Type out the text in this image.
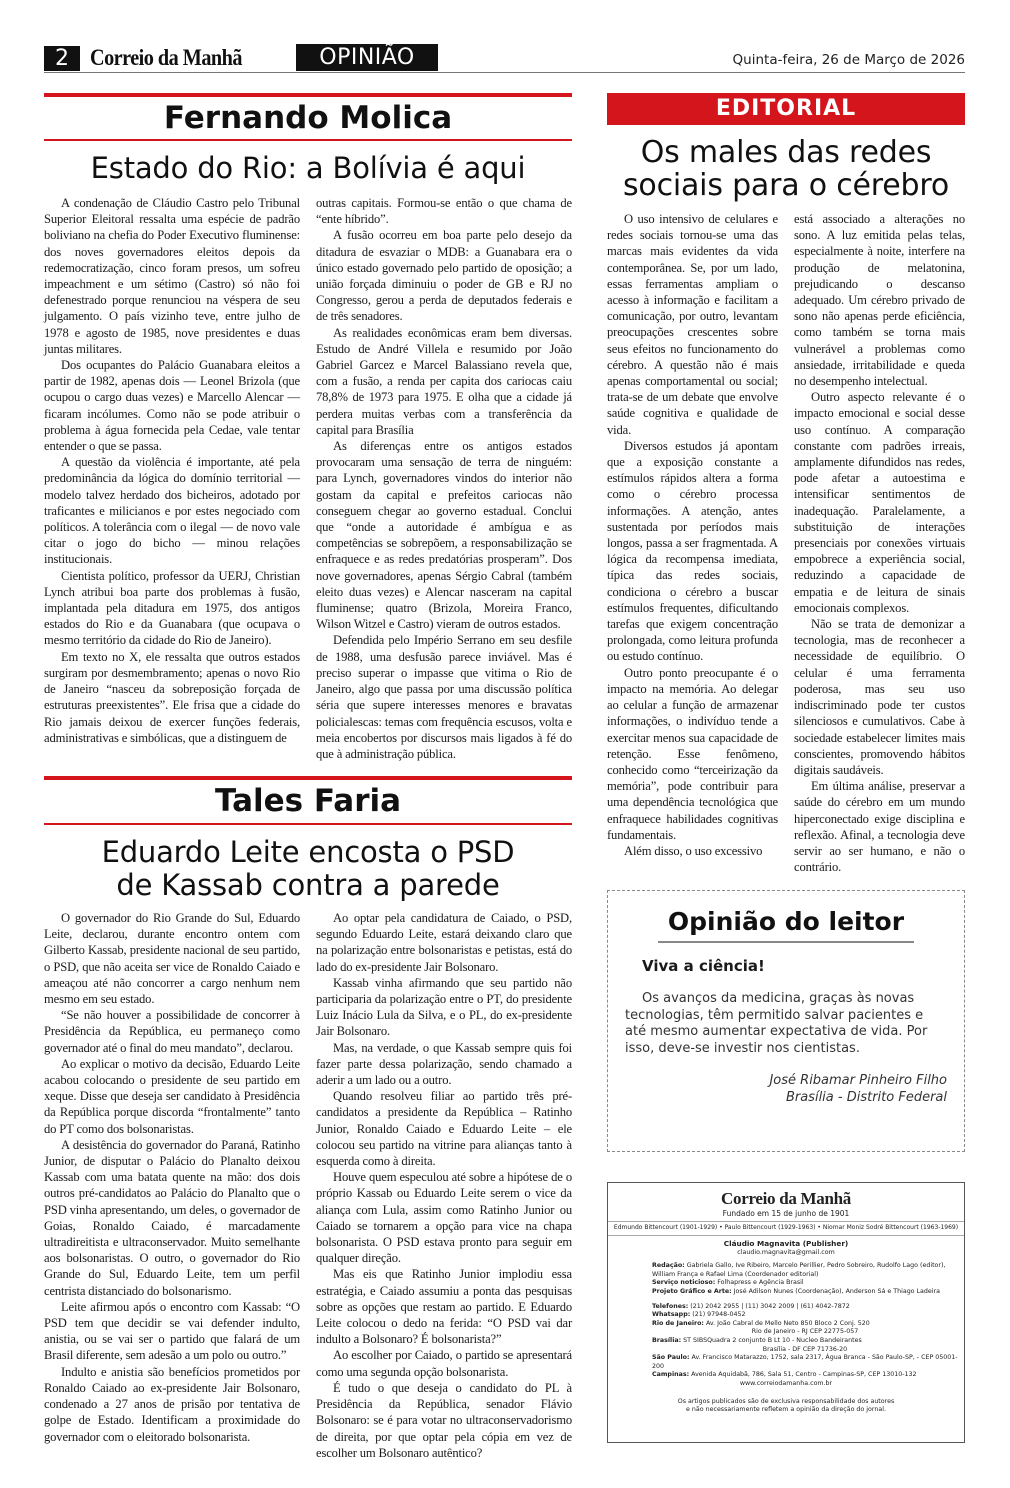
2 Correio da Manhã	OPINIÃO	Quinta-feira, 26 de Março de 2026
Fernando Molica
Estado do Rio: a Bolívia é aqui

A condenação de Cláudio Castro pelo Tribunal Superior Eleitoral ressalta uma espécie de padrão boliviano na chefia do Poder Executivo fluminense: dos noves governadores eleitos depois da redemocratização, cinco foram presos, um sofreu impeachment e um sétimo (Castro) só não foi defenestrado porque renunciou na véspera de seu julgamento. O país vizinho teve, entre julho de 1978 e agosto de 1985, nove presidentes e duas juntas militares.

Dos ocupantes do Palácio Guanabara eleitos a partir de 1982, apenas dois — Leonel Brizola (que ocupou o cargo duas vezes) e Marcello Alencar — ficaram incólumes. Como não se pode atribuir o problema à água fornecida pela Cedae, vale tentar entender o que se passa.

A questão da violência é importante, até pela predominância da lógica do domínio territorial — modelo talvez herdado dos bicheiros, adotado por traficantes e milicianos e por estes negociado com políticos. A tolerância com o ilegal — de novo vale citar o jogo do bicho — minou relações institucionais.

Cientista político, professor da UERJ, Christian Lynch atribui boa parte dos problemas à fusão, implantada pela ditadura em 1975, dos antigos estados do Rio e da Guanabara (que ocupava o mesmo território da cidade do Rio de Janeiro).

Em texto no X, ele ressalta que outros estados surgiram por desmembramento; apenas o novo Rio de Janeiro “nasceu da sobreposição forçada de estruturas preexistentes”. Ele frisa que a cidade do Rio jamais deixou de exercer funções federais, administrativas e simbólicas, que a distinguem de

outras capitais. Formou-se então o que chama de “ente híbrido”.

A fusão ocorreu em boa parte pelo desejo da ditadura de esvaziar o MDB: a Guanabara era o único estado governado pelo partido de oposição; a união forçada diminuiu o poder de GB e RJ no Congresso, gerou a perda de deputados federais e de três senadores.

As realidades econômicas eram bem diversas. Estudo de André Villela e resumido por João Gabriel Garcez e Marcel Balassiano revela que, com a fusão, a renda per capita dos cariocas caiu 78,8% de 1973 para 1975. E olha que a cidade já perdera muitas verbas com a transferência da capital para Brasília

As diferenças entre os antigos estados provocaram uma sensação de terra de ninguém: para Lynch, governadores vindos do interior não gostam da capital e prefeitos cariocas não conseguem chegar ao governo estadual. Conclui que “onde a autoridade é ambígua e as competências se sobrepõem, a responsabilização se enfraquece e as redes predatórias prosperam”. Dos nove governadores, apenas Sérgio Cabral (também eleito duas vezes) e Alencar nasceram na capital fluminense; quatro (Brizola, Moreira Franco, Wilson Witzel e Castro) vieram de outros estados.

Defendida pelo Império Serrano em seu desfile de 1988, uma desfusão parece inviável. Mas é preciso superar o impasse que vitima o Rio de Janeiro, algo que passa por uma discussão política séria que supere interesses menores e bravatas policialescas: temas com frequência escusos, volta e meia encobertos por discursos mais ligados à fé do que à administração pública.

Tales Faria
Eduardo Leite encosta o PSD
de Kassab contra a parede

O governador do Rio Grande do Sul, Eduardo Leite, declarou, durante encontro ontem com Gilberto Kassab, presidente nacional de seu partido, o PSD, que não aceita ser vice de Ronaldo Caiado e ameaçou até não concorrer a cargo nenhum nem mesmo em seu estado.

“Se não houver a possibilidade de concorrer à Presidência da República, eu permaneço como governador até o final do meu mandato”, declarou.

Ao explicar o motivo da decisão, Eduardo Leite acabou colocando o presidente de seu partido em xeque. Disse que deseja ser candidato à Presidência da República porque discorda “frontalmente” tanto do PT como dos bolsonaristas.

A desistência do governador do Paraná, Ratinho Junior, de disputar o Palácio do Planalto deixou Kassab com uma batata quente na mão: dos dois outros pré-candidatos ao Palácio do Planalto que o PSD vinha apresentando, um deles, o governador de Goias, Ronaldo Caiado, é marcadamente ultradireitista e ultraconservador. Muito semelhante aos bolsonaristas. O outro, o governador do Rio Grande do Sul, Eduardo Leite, tem um perfil centrista distanciado do bolsonarismo.

Leite afirmou após o encontro com Kassab: “O PSD tem que decidir se vai defender indulto, anistia, ou se vai ser o partido que falará de um Brasil diferente, sem adesão a um polo ou outro.”

Indulto e anistia são benefícios prometidos por Ronaldo Caiado ao ex-presidente Jair Bolsonaro, condenado a 27 anos de prisão por tentativa de golpe de Estado. Identificam a proximidade do governador com o eleitorado bolsonarista.

Ao optar pela candidatura de Caiado, o PSD, segundo Eduardo Leite, estará deixando claro que na polarização entre bolsonaristas e petistas, está do lado do ex-presidente Jair Bolsonaro.

Kassab vinha afirmando que seu partido não participaria da polarização entre o PT, do presidente Luiz Inácio Lula da Silva, e o PL, do ex-presidente Jair Bolsonaro.

Mas, na verdade, o que Kassab sempre quis foi fazer parte dessa polarização, sendo chamado a aderir a um lado ou a outro.

Quando resolveu filiar ao partido três pré-candidatos a presidente da República – Ratinho Junior, Ronaldo Caiado e Eduardo Leite – ele colocou seu partido na vitrine para alianças tanto à esquerda como à direita.

Houve quem especulou até sobre a hipótese de o próprio Kassab ou Eduardo Leite serem o vice da aliança com Lula, assim como Ratinho Junior ou Caiado se tornarem a opção para vice na chapa bolsonarista. O PSD estava pronto para seguir em qualquer direção.

Mas eis que Ratinho Junior implodiu essa estratégia, e Caiado assumiu a ponta das pesquisas sobre as opções que restam ao partido. E Eduardo Leite colocou o dedo na ferida: “O PSD vai dar indulto a Bolsonaro? É bolsonarista?”

Ao escolher por Caiado, o partido se apresentará como uma segunda opção bolsonarista.

É tudo o que deseja o candidato do PL à Presidência da República, senador Flávio Bolsonaro: se é para votar no ultraconservadorismo de direita, por que optar pela cópia em vez de escolher um Bolsonaro autêntico?

EDITORIAL
Os males das redes
sociais para o cérebro

O uso intensivo de celulares e redes sociais tornou-se uma das marcas mais evidentes da vida contemporânea. Se, por um lado, essas ferramentas ampliam o acesso à informação e facilitam a comunicação, por outro, levantam preocupações crescentes sobre seus efeitos no funcionamento do cérebro. A questão não é mais apenas comportamental ou social; trata-se de um debate que envolve saúde cognitiva e qualidade de vida.

Diversos estudos já apontam que a exposição constante a estímulos rápidos altera a forma como o cérebro processa informações. A atenção, antes sustentada por períodos mais longos, passa a ser fragmentada. A lógica da recompensa imediata, típica das redes sociais, condiciona o cérebro a buscar estímulos frequentes, dificultando tarefas que exigem concentração prolongada, como leitura profunda ou estudo contínuo.

Outro ponto preocupante é o impacto na memória. Ao delegar ao celular a função de armazenar informações, o indivíduo tende a exercitar menos sua capacidade de retenção. Esse fenômeno, conhecido como “terceirização da memória”, pode contribuir para uma dependência tecnológica que enfraquece habilidades cognitivas fundamentais.

Além disso, o uso excessivo

está associado a alterações no sono. A luz emitida pelas telas, especialmente à noite, interfere na produção de melatonina, prejudicando o descanso adequado. Um cérebro privado de sono não apenas perde eficiência, como também se torna mais vulnerável a problemas como ansiedade, irritabilidade e queda no desempenho intelectual.

Outro aspecto relevante é o impacto emocional e social desse uso contínuo. A comparação constante com padrões irreais, amplamente difundidos nas redes, pode afetar a autoestima e intensificar sentimentos de inadequação. Paralelamente, a substituição de interações presenciais por conexões virtuais empobrece a experiência social, reduzindo a capacidade de empatia e de leitura de sinais emocionais complexos.

Não se trata de demonizar a tecnologia, mas de reconhecer a necessidade de equilíbrio. O celular é uma ferramenta poderosa, mas seu uso indiscriminado pode ter custos silenciosos e cumulativos. Cabe à sociedade estabelecer limites mais conscientes, promovendo hábitos digitais saudáveis.

Em última análise, preservar a saúde do cérebro em um mundo hiperconectado exige disciplina e reflexão. Afinal, a tecnologia deve servir ao ser humano, e não o contrário.

Opinião do leitor
Viva a ciência!
Os avanços da medicina, graças às novas tecnologias, têm permitido salvar pacientes e até mesmo aumentar expectativa de vida. Por isso, deve-se investir nos cientistas.
José Ribamar Pinheiro Filho
Brasília - Distrito Federal
Correio da Manhã
Fundado em 15 de junho de 1901
Edmundo Bittencourt (1901-1929) • Paulo Bittencourt (1929-1963) • Niomar Moniz Sodré Bittencourt (1963-1969)
Cláudio Magnavita (Publisher)
claudio.magnavita@gmail.com
Redação: Gabriela Gallo, Ive Ribeiro, Marcelo Perillier, Pedro Sobreiro, Rudolfo Lago (editor), William França e Rafael Lima (Coordenador editorial)
Serviço noticioso: Folhapress e Agência Brasil
Projeto Gráfico e Arte: José Adilson Nunes (Coordenação), Anderson Sá e Thiago Ladeira
Telefones: (21) 2042 2955 | (11) 3042 2009 | (61) 4042-7872
Whatsapp: (21) 97948-0452
Rio de Janeiro: Av. João Cabral de Mello Neto 850 Bloco 2 Conj. 520
Rio de Janeiro - RJ CEP 22775-057
Brasília: ST SIBSQuadra 2 conjunto B Lt 10 - Nucleo Bandeirantes
Brasília - DF CEP 71736-20
São Paulo: Av. Francisco Matarazzo, 1752, sala 2317, Água Branca - São Paulo-SP, - CEP 05001-200
Campinas: Avenida Aquidabã, 786, Sala 51, Centro - Campinas-SP, CEP 13010-132
www.correiodamanha.com.br
Os artigos publicados são de exclusiva responsabilidade dos autores
e não necessariamente refletem a opinião da direção do jornal.
